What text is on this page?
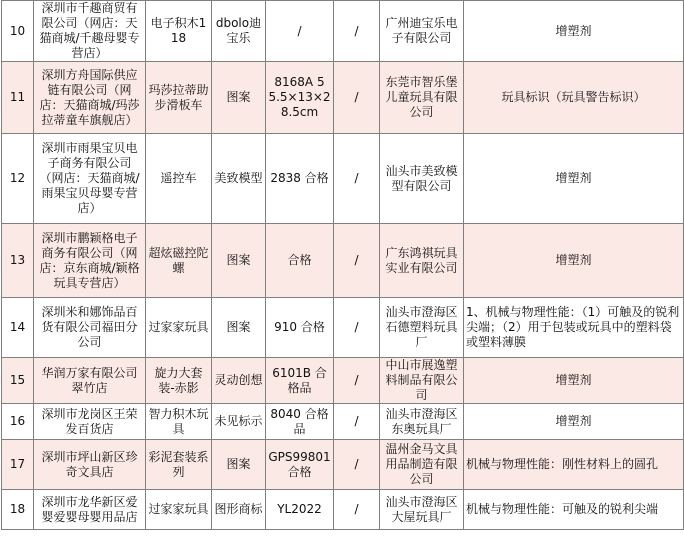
10	深圳市千趣商贸有限公司（网店：天猫商城/千趣母婴专营店）	电子积木118	dbolo迪宝乐	/	/	广州迪宝乐电子有限公司	增塑剂
11	深圳方舟国际供应链有限公司（网店：天猫商城/玛莎拉蒂童车旗舰店）	玛莎拉蒂助步滑板车	图案	8168A 5 5.5×13×28.5cm	/	东莞市智乐堡儿童玩具有限公司	玩具标识（玩具警告标识）
12	深圳市雨果宝贝电子商务有限公司（网店：天猫商城/雨果宝贝母婴专营店）	遥控车	美致模型	2838 合格	/	汕头市美致模型有限公司	增塑剂
13	深圳市鹏颖格电子商务有限公司（网店：京东商城/颖格玩具专营店）	超炫磁控陀螺	图案	合格	/	广东鸿祺玩具实业有限公司	增塑剂
14	深圳米和娜饰品百货有限公司福田分公司	过家家玩具	图案	910 合格	/	汕头市澄海区石德塑料玩具厂	1、机械与物理性能：（1）可触及的锐利尖端；（2）用于包装或玩具中的塑料袋或塑料薄膜
15	华润万家有限公司翠竹店	旋力大套装-赤影	灵动创想	6101B 合格品	/	中山市展逸塑料制品有限公司	增塑剂
16	深圳市龙岗区王荣发百货店	智力积木玩具	未见标示	8040 合格品	/	汕头市澄海区东奥玩具厂	增塑剂
17	深圳市坪山新区珍奇文具店	彩泥套装系列	图案	GPS99801 合格	/	温州金马文具用品制造有限公司	机械与物理性能：刚性材料上的圆孔
18	深圳市龙华新区爱婴爱婴母婴用品店	过家家玩具	图形商标	YL2022	/	汕头市澄海区大屋玩具厂	机械与物理性能：可触及的锐利尖端
